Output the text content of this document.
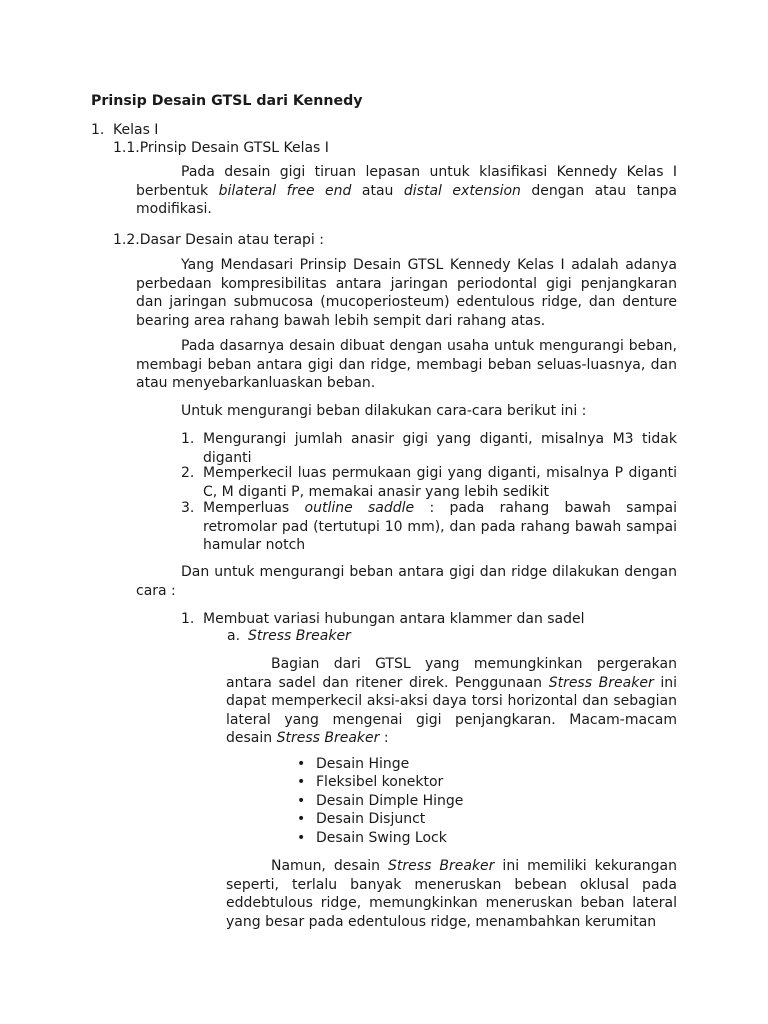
Prinsip Desain GTSL dari Kennedy

1. Kelas I
1.1.Prinsip Desain GTSL Kelas I

Pada desain gigi tiruan lepasan untuk klasifikasi Kennedy Kelas I berbentuk bilateral free end atau distal extension dengan atau tanpa modifikasi.

1.2.Dasar Desain atau terapi :

Yang Mendasari Prinsip Desain GTSL Kennedy Kelas I adalah adanya perbedaan kompresibilitas antara jaringan periodontal gigi penjangkaran dan jaringan submucosa (mucoperiosteum) edentulous ridge, dan denture bearing area rahang bawah lebih sempit dari rahang atas.

Pada dasarnya desain dibuat dengan usaha untuk mengurangi beban, membagi beban antara gigi dan ridge, membagi beban seluas-luasnya, dan atau menyebarkanluaskan beban.

Untuk mengurangi beban dilakukan cara-cara berikut ini :

1. Mengurangi jumlah anasir gigi yang diganti, misalnya M3 tidak diganti

2. Memperkecil luas permukaan gigi yang diganti, misalnya P diganti C, M diganti P, memakai anasir yang lebih sedikit

3. Memperluas outline saddle : pada rahang bawah sampai retromolar pad (tertutupi 10 mm), dan pada rahang bawah sampai hamular notch

Dan untuk mengurangi beban antara gigi dan ridge dilakukan dengan cara :

1. Membuat variasi hubungan antara klammer dan sadel
a. Stress Breaker

Bagian dari GTSL yang memungkinkan pergerakan antara sadel dan ritener direk. Penggunaan Stress Breaker ini dapat memperkecil aksi-aksi daya torsi horizontal dan sebagian lateral yang mengenai gigi penjangkaran. Macam-macam desain Stress Breaker :

• Desain Hinge
• Fleksibel konektor
• Desain Dimple Hinge
• Desain Disjunct
• Desain Swing Lock

Namun, desain Stress Breaker ini memiliki kekurangan seperti, terlalu banyak meneruskan bebean oklusal pada eddebtulous ridge, memungkinkan meneruskan beban lateral yang besar pada edentulous ridge, menambahkan kerumitan
